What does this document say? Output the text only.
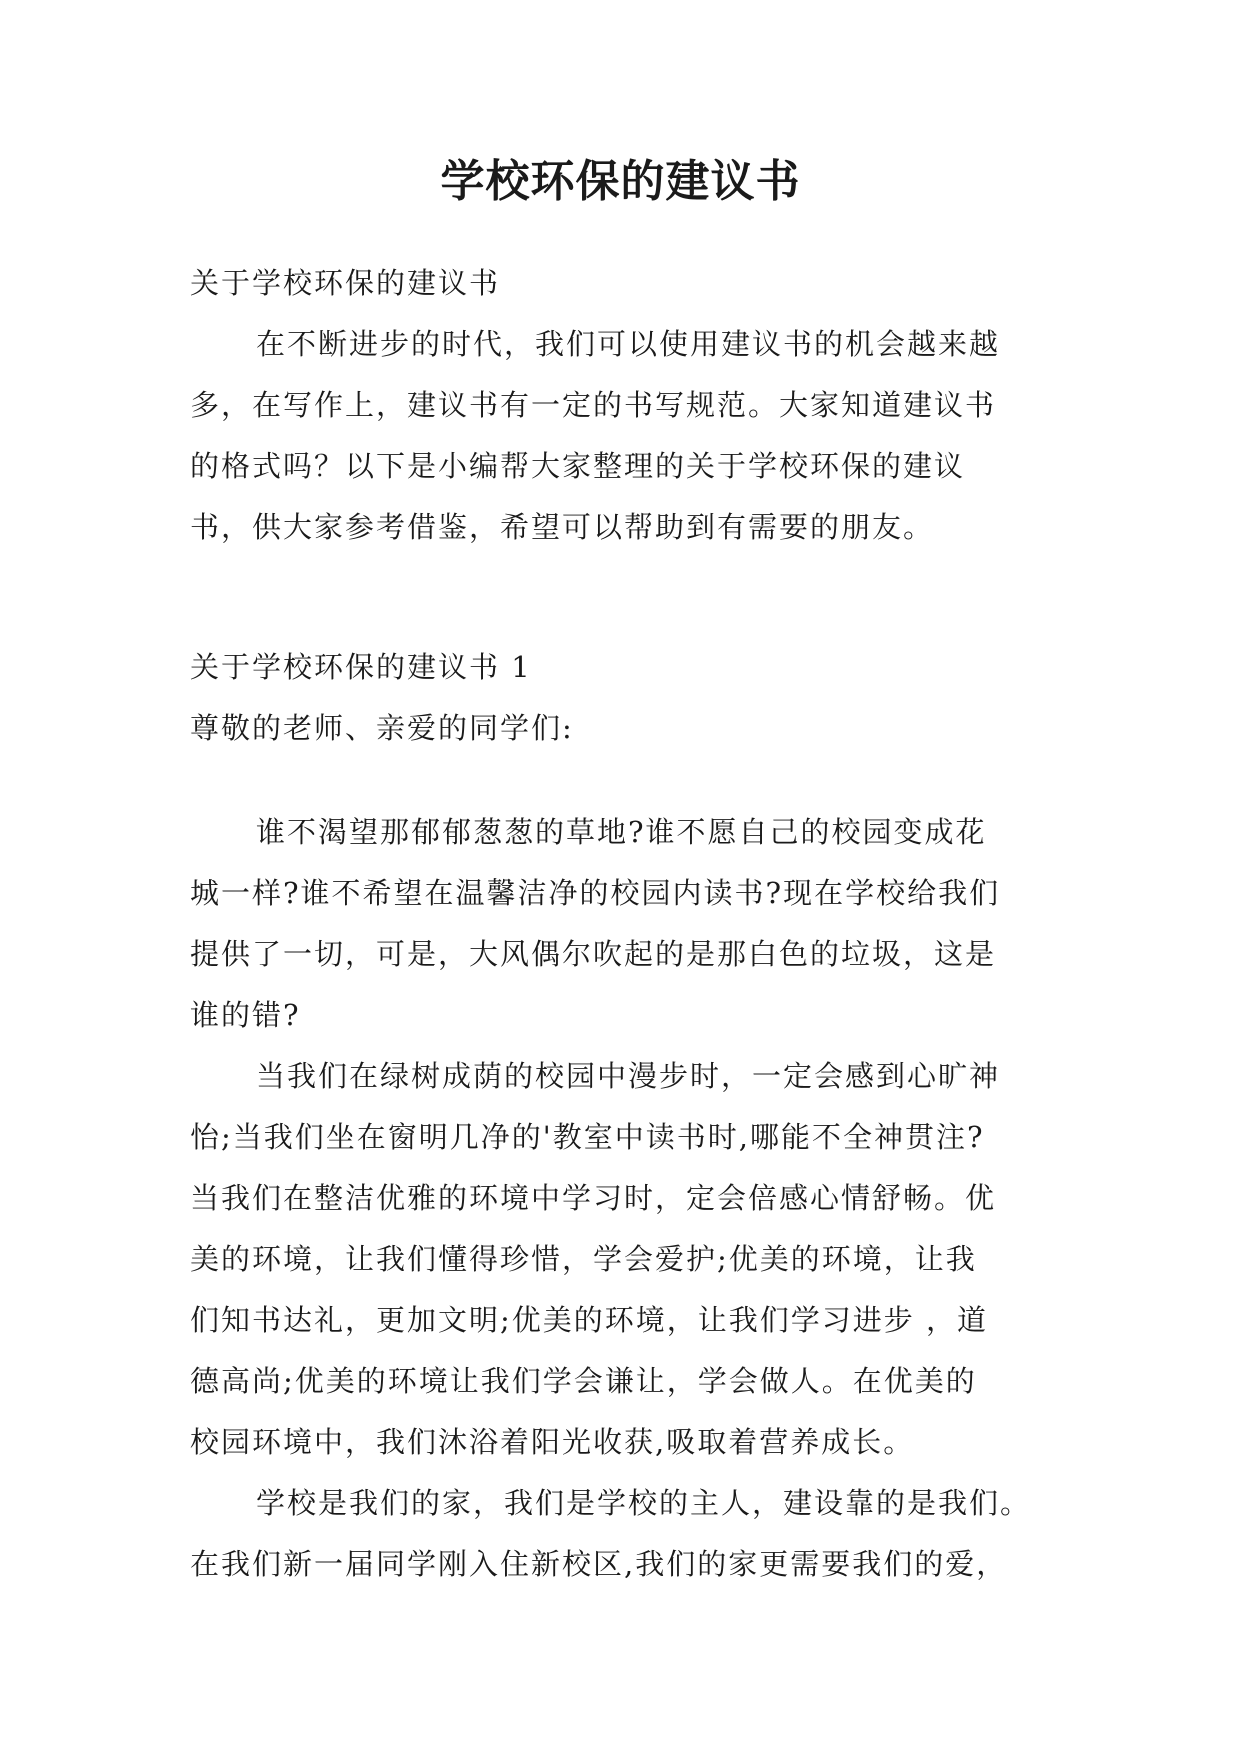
学校环保的建议书
关于学校环保的建议书
在不断进步的时代，我们可以使用建议书的机会越来越
多，在写作上，建议书有一定的书写规范。大家知道建议书
的格式吗？以下是小编帮大家整理的关于学校环保的建议
书，供大家参考借鉴，希望可以帮助到有需要的朋友。
关于学校环保的建议书 1
尊敬的老师、亲爱的同学们:
谁不渴望那郁郁葱葱的草地?谁不愿自己的校园变成花
城一样?谁不希望在温馨洁净的校园内读书?现在学校给我们
提供了一切，可是，大风偶尔吹起的是那白色的垃圾，这是
谁的错?
当我们在绿树成荫的校园中漫步时，一定会感到心旷神
怡;当我们坐在窗明几净的'教室中读书时,哪能不全神贯注?
当我们在整洁优雅的环境中学习时，定会倍感心情舒畅。优
美的环境，让我们懂得珍惜，学会爱护;优美的环境，让我
们知书达礼，更加文明;优美的环境，让我们学习进步 ，道
德高尚;优美的环境让我们学会谦让，学会做人。在优美的
校园环境中，我们沐浴着阳光收获,吸取着营养成长。
学校是我们的家，我们是学校的主人，建设靠的是我们。
在我们新一届同学刚入住新校区,我们的家更需要我们的爱，
